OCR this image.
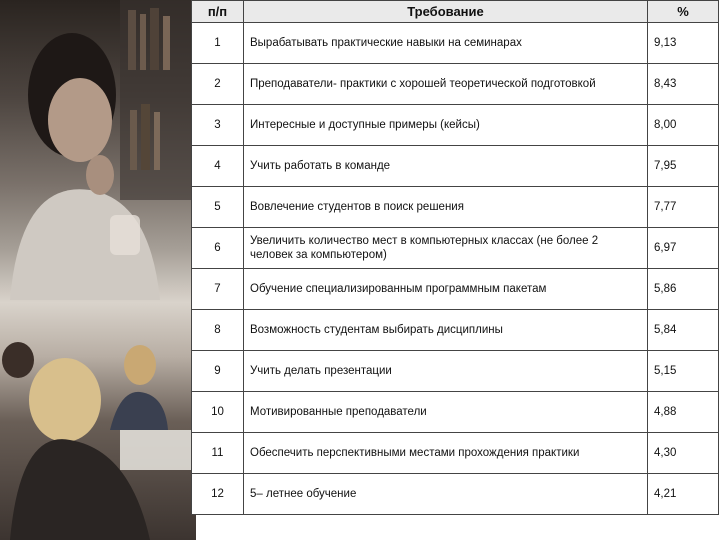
п/п	Требование	%
1	Вырабатывать практические навыки на семинарах	9,13
2	Преподаватели- практики с хорошей теоретической подготовкой	8,43
3	Интересные и доступные примеры (кейсы)	8,00
4	Учить работать в команде	7,95
5	Вовлечение студентов в поиск решения	7,77
6	Увеличить количество мест в компьютерных классах (не более 2 человек за компьютером)	6,97
7	Обучение специализированным программным пакетам	5,86
8	Возможность студентам выбирать дисциплины	5,84
9	Учить делать презентации	5,15
10	Мотивированные преподаватели	4,88
11	Обеспечить перспективными местами прохождения практики	4,30
12	5– летнее обучение	4,21
